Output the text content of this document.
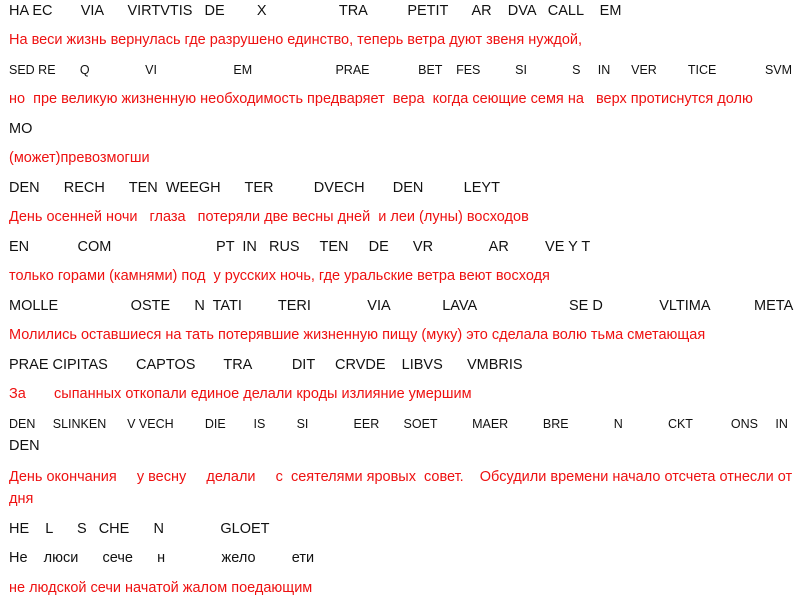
HA EC       VIA      VIRTVTIS   DE        X                  TRA          PETIT      AR    DVA   CALL    EM
На веси жизнь вернулась где разрушено единство, теперь ветра дуют звеня нуждой,
SED RE       Q                VI                      EM                        PRAE              BET    FES          SI             S     IN      VER         TICE              SVM
но  пре великую жизненную необходимость предваряет  вера  когда сеющие семя на   верх протиснутся долю
MO
(может)превозмогши
DEN      RECH      TEN  WEEGH      TER          DVECH       DEN          LEYT
День осенней ночи   глаза   потеряли две весны дней  и леи (луны) восходов
EN            COM                          PT  IN   RUS     TEN     DE      VR              AR         VE Y T
только горами (камнями) под  у русских ночь, где уральские ветра веют восходя
MOLLE                  OSTE      N  TATI         TERI              VIA             LAVA                       SE D              VLTIMA           META
Молились оставшиеся на тать потерявшие жизненную пищу (муку) это сделала волю тьма сметающая
PRAE CIPITAS       CAPTOS       TRA          DIT     CRVDE    LIBVS      VMBRIS
За       сыпанных откопали единое делали кроды излияние умершим
DEN     SLINKEN      V VECH         DIE        IS         SI             EER       SOET          MAER          BRE             N             CKT           ONS     IN
DEN
День окончания     у весну     делали     с  сеятелями яровых  совет.    Обсудили времени начало отсчета отнесли от
дня
HE    L      S   CHE      N              GLOET
Не    люси      сече      н              жело         ети
не людской сечи начатой жалом поедающим
